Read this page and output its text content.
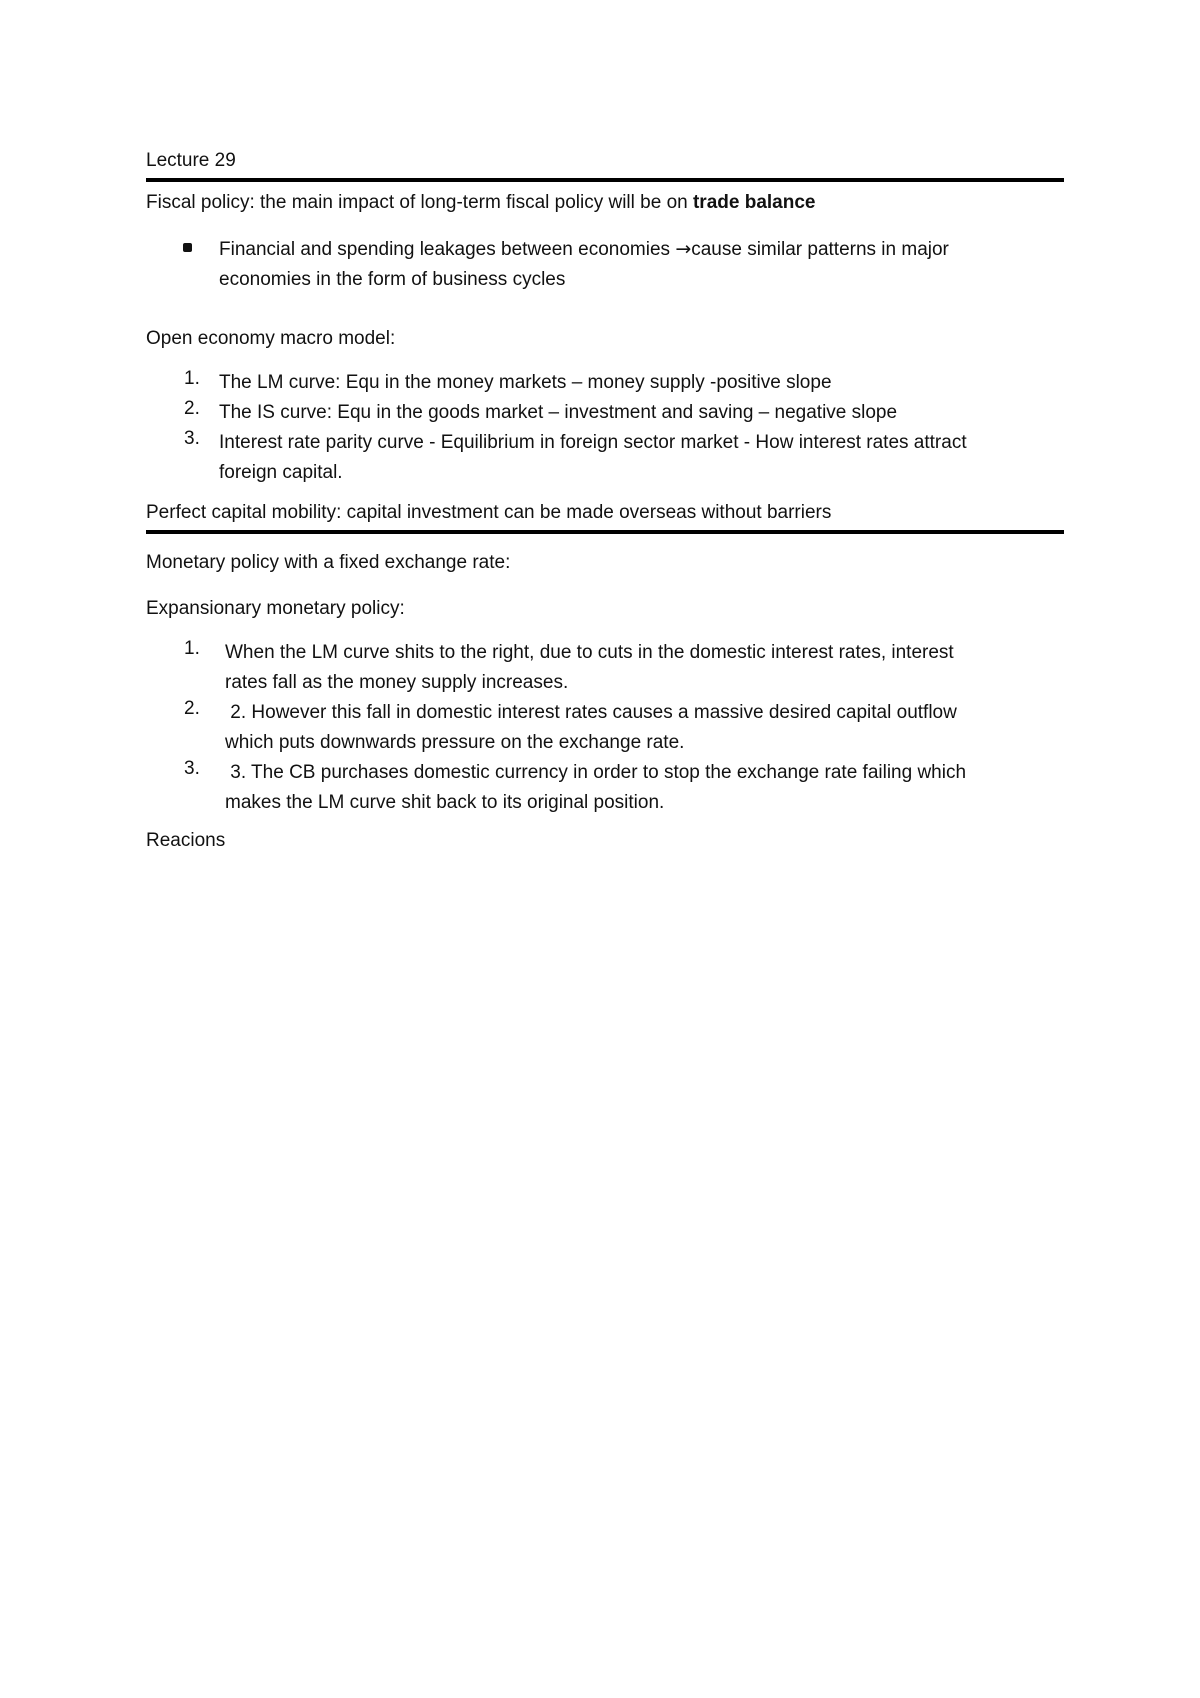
Lecture 29
Fiscal policy: the main impact of long-term fiscal policy will be on trade balance
Financial and spending leakages between economies →cause similar patterns in major
economies in the form of business cycles
Open economy macro model:
1.	The LM curve: Equ in the money markets – money supply -positive slope
2.	The IS curve: Equ in the goods market – investment and saving – negative slope
3.	Interest rate parity curve - Equilibrium in foreign sector market - How interest rates attract
foreign capital.
Perfect capital mobility: capital investment can be made overseas without barriers
Monetary policy with a fixed exchange rate:
Expansionary monetary policy:
1.	When the LM curve shits to the right, due to cuts in the domestic interest rates, interest
rates fall as the money supply increases.
2.	2. However this fall in domestic interest rates causes a massive desired capital outflow
which puts downwards pressure on the exchange rate.
3.	3. The CB purchases domestic currency in order to stop the exchange rate failing which
makes the LM curve shit back to its original position.
Reacions
